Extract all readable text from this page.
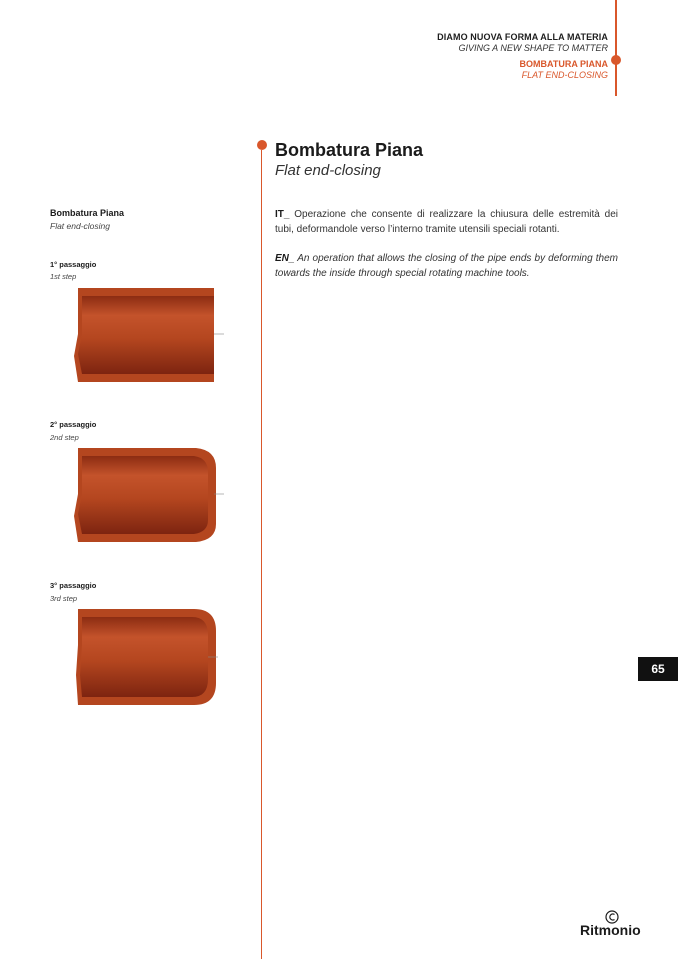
DIAMO NUOVA FORMA ALLA MATERIA
GIVING A NEW SHAPE TO MATTER
BOMBATURA PIANA
FLAT END-CLOSING
Bombatura Piana
Flat end-closing
IT_ Operazione che consente di realizzare la chiusura delle estremità dei tubi, deformandole verso l’interno tramite utensili speciali rotanti.
EN_ An operation that allows the closing of the pipe ends by deforming them towards the inside through special rotating machine tools.
Bombatura Piana
Flat end-closing
1° passaggio
1st step
2° passaggio
2nd step
3° passaggio
3rd step
65
Ritmonio
